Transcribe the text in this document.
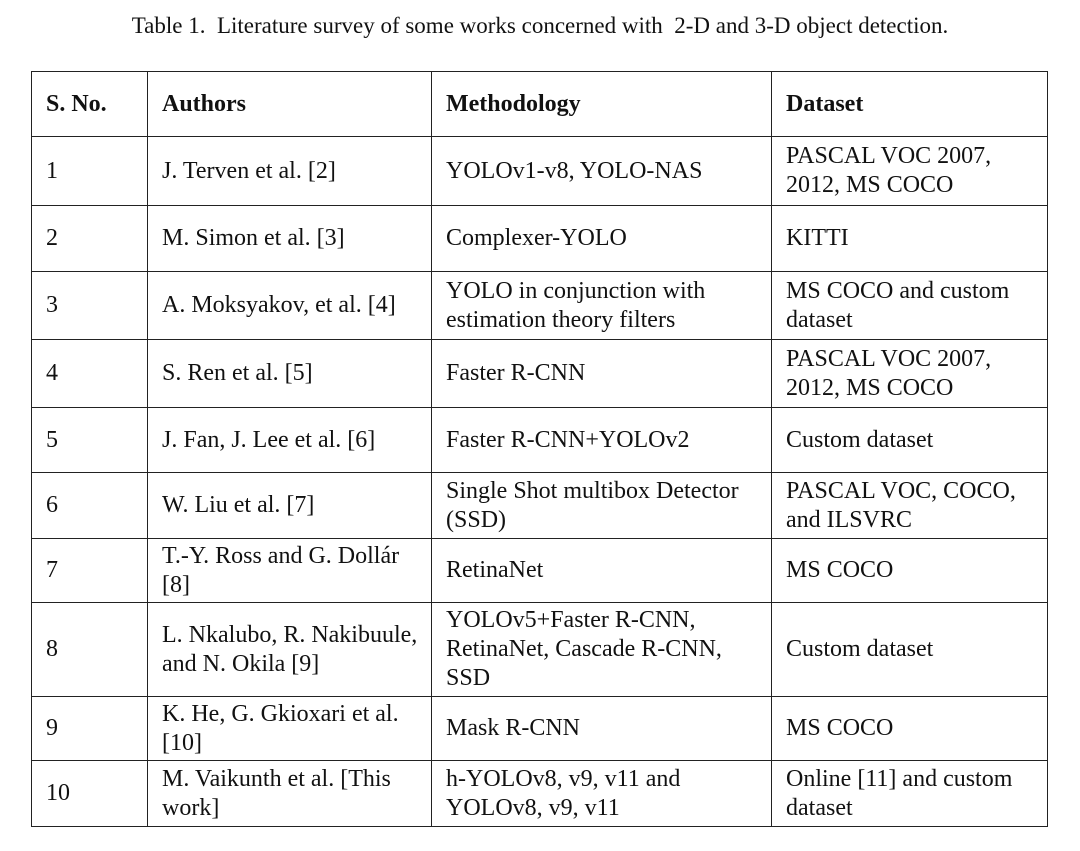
Table 1.  Literature survey of some works concerned with  2-D and 3-D object detection.
S. No.	Authors	Methodology	Dataset
1	J. Terven et al. [2]	YOLOv1-v8, YOLO-NAS	PASCAL VOC 2007, 2012, MS COCO
2	M. Simon et al. [3]	Complexer-YOLO	KITTI
3	A. Moksyakov, et al. [4]	YOLO in conjunction with estimation theory filters	MS COCO and custom dataset
4	S. Ren et al. [5]	Faster R-CNN	PASCAL VOC 2007, 2012, MS COCO
5	J. Fan, J. Lee et al. [6]	Faster R-CNN+YOLOv2	Custom dataset
6	W. Liu et al. [7]	Single Shot multibox Detector (SSD)	PASCAL VOC, COCO, and ILSVRC
7	T.-Y. Ross and G. Dollár [8]	RetinaNet	MS COCO
8	L. Nkalubo, R. Nakibuule, and N. Okila [9]	YOLOv5+Faster R-CNN, RetinaNet, Cascade R-CNN, SSD	Custom dataset
9	K. He, G. Gkioxari et al. [10]	Mask R-CNN	MS COCO
10	M. Vaikunth et al. [This work]	h-YOLOv8, v9, v11 and YOLOv8, v9, v11	Online [11] and custom dataset
